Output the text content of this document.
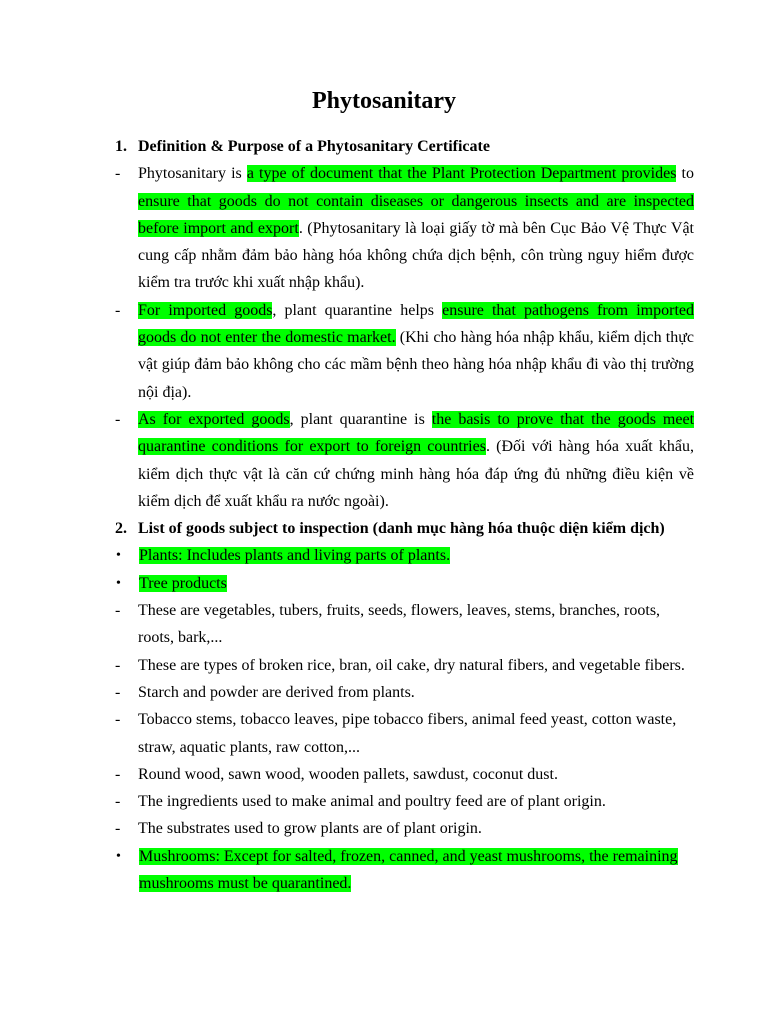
Phytosanitary
1. Definition & Purpose of a Phytosanitary Certificate
-	Phytosanitary is a type of document that the Plant Protection Department provides to ensure that goods do not contain diseases or dangerous insects and are inspected before import and export. (Phytosanitary là loại giấy tờ mà bên Cục Bảo Vệ Thực Vật cung cấp nhằm đảm bảo hàng hóa không chứa dịch bệnh, côn trùng nguy hiểm được kiểm tra trước khi xuất nhập khẩu).
-	For imported goods, plant quarantine helps ensure that pathogens from imported goods do not enter the domestic market. (Khi cho hàng hóa nhập khẩu, kiểm dịch thực vật giúp đảm bảo không cho các mầm bệnh theo hàng hóa nhập khẩu đi vào thị trường nội địa).
-	As for exported goods, plant quarantine is the basis to prove that the goods meet quarantine conditions for export to foreign countries. (Đối với hàng hóa xuất khẩu, kiểm dịch thực vật là căn cứ chứng minh hàng hóa đáp ứng đủ những điều kiện về kiểm dịch để xuất khẩu ra nước ngoài).
2. List of goods subject to inspection (danh mục hàng hóa thuộc diện kiểm dịch)
•	Plants: Includes plants and living parts of plants.
•	Tree products
-	These are vegetables, tubers, fruits, seeds, flowers, leaves, stems, branches, roots, roots, bark,...
-	These are types of broken rice, bran, oil cake, dry natural fibers, and vegetable fibers.
-	Starch and powder are derived from plants.
-	Tobacco stems, tobacco leaves, pipe tobacco fibers, animal feed yeast, cotton waste, straw, aquatic plants, raw cotton,...
-	Round wood, sawn wood, wooden pallets, sawdust, coconut dust.
-	The ingredients used to make animal and poultry feed are of plant origin.
-	The substrates used to grow plants are of plant origin.
•	Mushrooms: Except for salted, frozen, canned, and yeast mushrooms, the remaining mushrooms must be quarantined.
